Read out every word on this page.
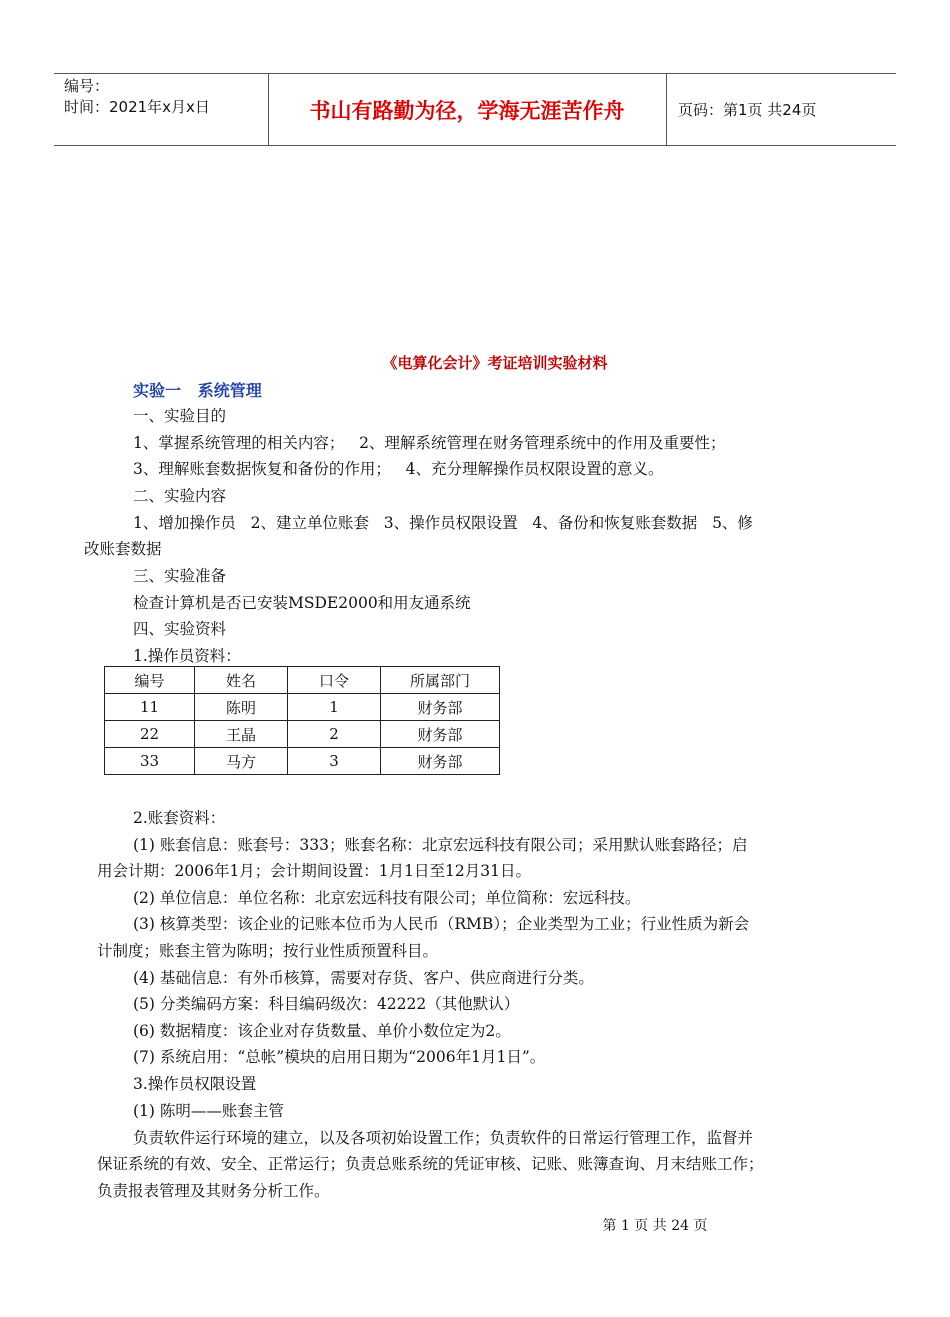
编号：
时间：2021年x月x日	书山有路勤为径，学海无涯苦作舟	页码：第1页 共24页
《电算化会计》考证培训实验材料
实验一   系统管理
一、实验目的
1、掌握系统管理的相关内容；   2、理解系统管理在财务管理系统中的作用及重要性；
3、理解账套数据恢复和备份的作用；   4、充分理解操作员权限设置的意义。
二、实验内容
1、增加操作员   2、建立单位账套   3、操作员权限设置   4、备份和恢复账套数据   5、修
改账套数据
三、实验准备
检查计算机是否已安装MSDE2000和用友通系统
四、实验资料
1.操作员资料：
编号	姓名	口令	所属部门
11	陈明	1	财务部
22	王晶	2	财务部
33	马方	3	财务部
2.账套资料：
(1) 账套信息：账套号：333；账套名称：北京宏远科技有限公司；采用默认账套路径；启
用会计期：2006年1月；会计期间设置：1月1日至12月31日。
(2) 单位信息：单位名称：北京宏远科技有限公司；单位简称：宏远科技。
(3) 核算类型：该企业的记账本位币为人民币（RMB）；企业类型为工业；行业性质为新会
计制度；账套主管为陈明；按行业性质预置科目。
(4) 基础信息：有外币核算，需要对存货、客户、供应商进行分类。
(5) 分类编码方案：科目编码级次：42222（其他默认）
(6) 数据精度：该企业对存货数量、单价小数位定为2。
(7) 系统启用：“总帐”模块的启用日期为“2006年1月1日”。
3.操作员权限设置
(1) 陈明——账套主管
负责软件运行环境的建立，以及各项初始设置工作；负责软件的日常运行管理工作，监督并
保证系统的有效、安全、正常运行；负责总账系统的凭证审核、记账、账簿查询、月末结账工作；
负责报表管理及其财务分析工作。
第 1 页 共 24 页
